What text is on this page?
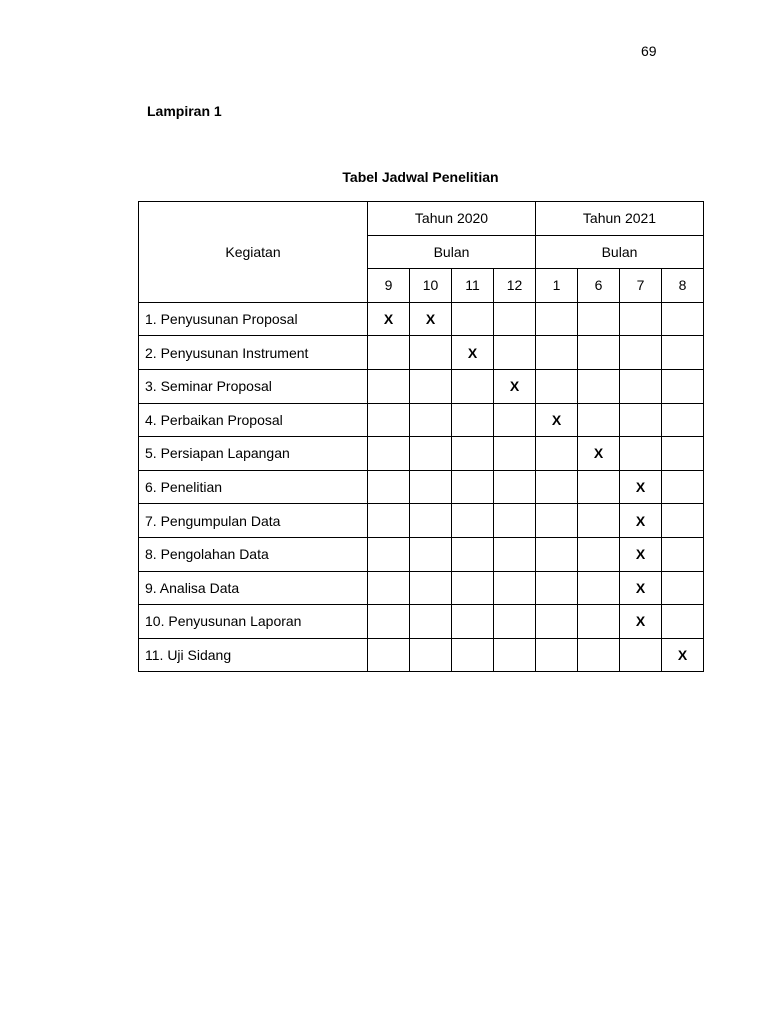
69
Lampiran 1
Tabel Jadwal Penelitian
Kegiatan	Tahun 2020				Tahun 2021			
	Bulan				Bulan			
	9	10	11	12	1	6	7	8
1. Penyusunan Proposal	X	X						
2. Penyusunan Instrument			X					
3. Seminar Proposal				X				
4. Perbaikan Proposal					X			
5. Persiapan Lapangan						X		
6. Penelitian							X	
7. Pengumpulan Data							X	
8. Pengolahan Data							X	
9. Analisa Data							X	
10. Penyusunan Laporan							X	
11. Uji Sidang								X
